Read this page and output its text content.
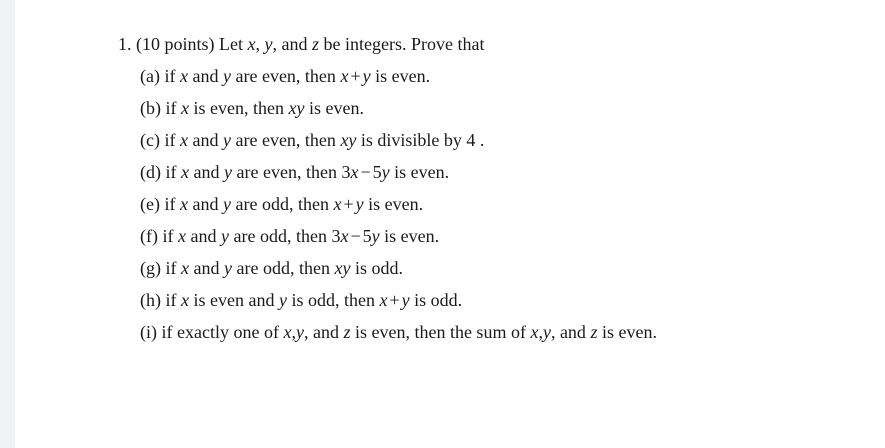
1. (10 points) Let x, y, and z be integers. Prove that
(a) if x and y are even, then x + y is even.
(b) if x is even, then xy is even.
(c) if x and y are even, then xy is divisible by 4 .
(d) if x and y are even, then 3x − 5y is even.
(e) if x and y are odd, then x + y is even.
(f) if x and y are odd, then 3x − 5y is even.
(g) if x and y are odd, then xy is odd.
(h) if x is even and y is odd, then x + y is odd.
(i) if exactly one of x,y, and z is even, then the sum of x,y, and z is even.
